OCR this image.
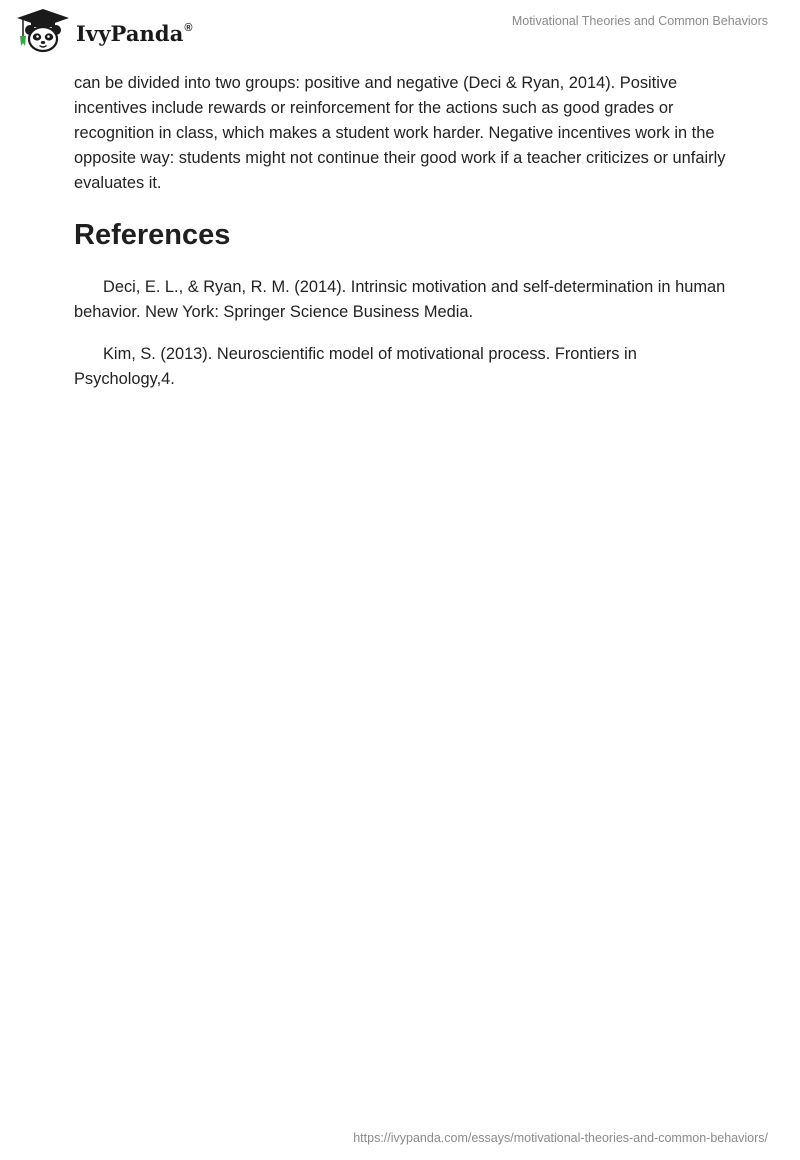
IvyPanda®	Motivational Theories and Common Behaviors

can be divided into two groups: positive and negative (Deci & Ryan, 2014). Positive incentives include rewards or reinforcement for the actions such as good grades or recognition in class, which makes a student work harder. Negative incentives work in the opposite way: students might not continue their good work if a teacher criticizes or unfairly evaluates it.

References

Deci, E. L., & Ryan, R. M. (2014). Intrinsic motivation and self-determination in human behavior. New York: Springer Science Business Media.

Kim, S. (2013). Neuroscientific model of motivational process. Frontiers in Psychology,4.

https://ivypanda.com/essays/motivational-theories-and-common-behaviors/
